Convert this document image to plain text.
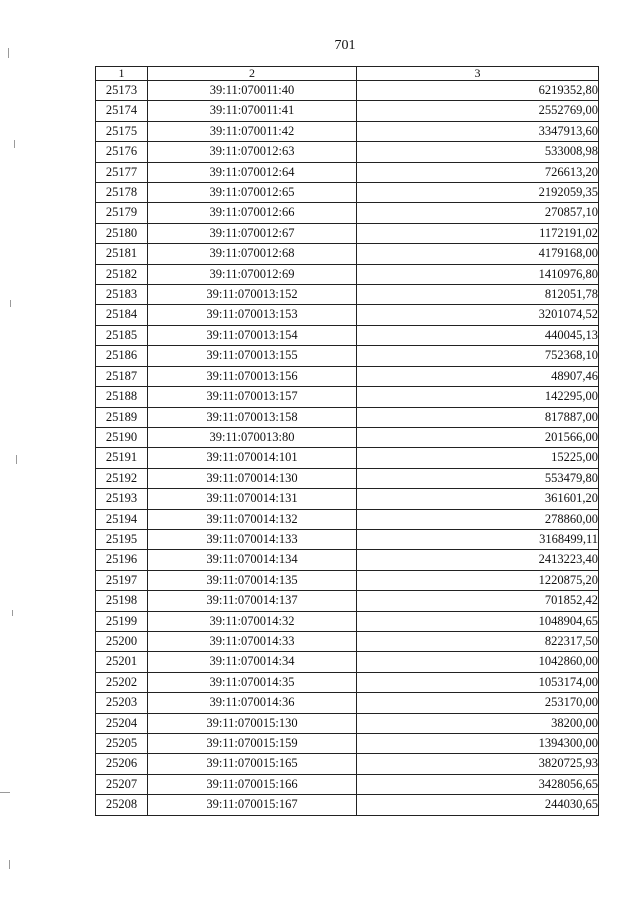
701
1	2	3
25173	39:11:070011:40	6219352,80
25174	39:11:070011:41	2552769,00
25175	39:11:070011:42	3347913,60
25176	39:11:070012:63	533008,98
25177	39:11:070012:64	726613,20
25178	39:11:070012:65	2192059,35
25179	39:11:070012:66	270857,10
25180	39:11:070012:67	1172191,02
25181	39:11:070012:68	4179168,00
25182	39:11:070012:69	1410976,80
25183	39:11:070013:152	812051,78
25184	39:11:070013:153	3201074,52
25185	39:11:070013:154	440045,13
25186	39:11:070013:155	752368,10
25187	39:11:070013:156	48907,46
25188	39:11:070013:157	142295,00
25189	39:11:070013:158	817887,00
25190	39:11:070013:80	201566,00
25191	39:11:070014:101	15225,00
25192	39:11:070014:130	553479,80
25193	39:11:070014:131	361601,20
25194	39:11:070014:132	278860,00
25195	39:11:070014:133	3168499,11
25196	39:11:070014:134	2413223,40
25197	39:11:070014:135	1220875,20
25198	39:11:070014:137	701852,42
25199	39:11:070014:32	1048904,65
25200	39:11:070014:33	822317,50
25201	39:11:070014:34	1042860,00
25202	39:11:070014:35	1053174,00
25203	39:11:070014:36	253170,00
25204	39:11:070015:130	38200,00
25205	39:11:070015:159	1394300,00
25206	39:11:070015:165	3820725,93
25207	39:11:070015:166	3428056,65
25208	39:11:070015:167	244030,65
